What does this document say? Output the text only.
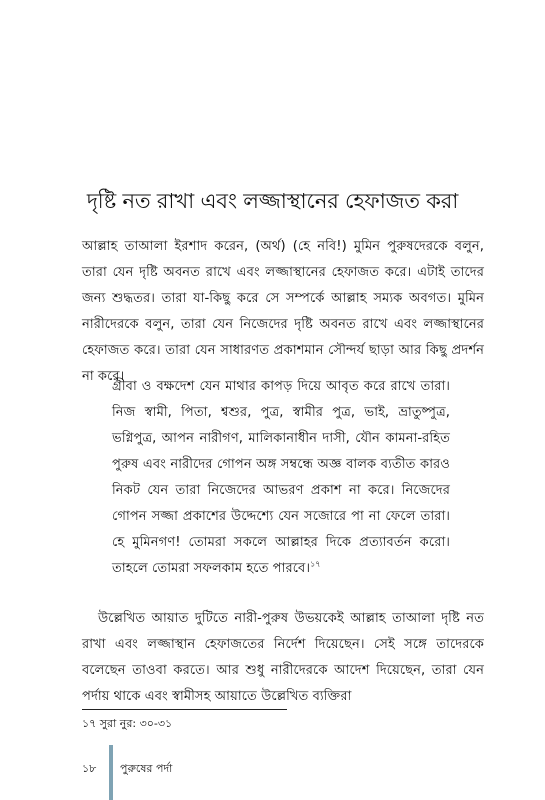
দৃষ্টি নত রাখা এবং লজ্জাস্থানের হেফাজত করা

আল্লাহ তাআলা ইরশাদ করেন, (অর্থ) (হে নবি!) মুমিন পুরুষদেরকে বলুন, তারা যেন দৃষ্টি অবনত রাখে এবং লজ্জাস্থানের হেফাজত করে। এটাই তাদের জন্য শুদ্ধতর। তারা যা-কিছু করে সে সম্পর্কে আল্লাহ সম্যক অবগত। মুমিন নারীদেরকে বলুন, তারা যেন নিজেদের দৃষ্টি অবনত রাখে এবং লজ্জাস্থানের হেফাজত করে। তারা যেন সাধারণত প্রকাশমান সৌন্দর্য ছাড়া আর কিছু প্রদর্শন না করে।

গ্রীবা ও বক্ষদেশ যেন মাথার কাপড় দিয়ে আবৃত করে রাখে তারা। নিজ স্বামী, পিতা, শ্বশুর, পুত্র, স্বামীর পুত্র, ভাই, ভ্রাতুষ্পুত্র, ভগ্নিপুত্র, আপন নারীগণ, মালিকানাধীন দাসী, যৌন কামনা-রহিত পুরুষ এবং নারীদের গোপন অঙ্গ সম্বন্ধে অজ্ঞ বালক ব্যতীত কারও নিকট যেন তারা নিজেদের আভরণ প্রকাশ না করে। নিজেদের গোপন সজ্জা প্রকাশের উদ্দেশ্যে যেন সজোরে পা না ফেলে তারা। হে মুমিনগণ! তোমরা সকলে আল্লাহর দিকে প্রত্যাবর্তন করো। তাহলে তোমরা সফলকাম হতে পারবে।$^{১৭}$

উল্লেখিত আয়াত দুটিতে নারী-পুরুষ উভয়কেই আল্লাহ তাআলা দৃষ্টি নত রাখা এবং লজ্জাস্থান হেফাজতের নির্দেশ দিয়েছেন। সেই সঙ্গে তাদেরকে বলেছেন তাওবা করতে। আর শুধু নারীদেরকে আদেশ দিয়েছেন, তারা যেন পর্দায় থাকে এবং স্বামীসহ আয়াতে উল্লেখিত ব্যক্তিরা

১৭ সুরা নুর: ৩০-৩১
১৮ পুরুষের পর্দা
